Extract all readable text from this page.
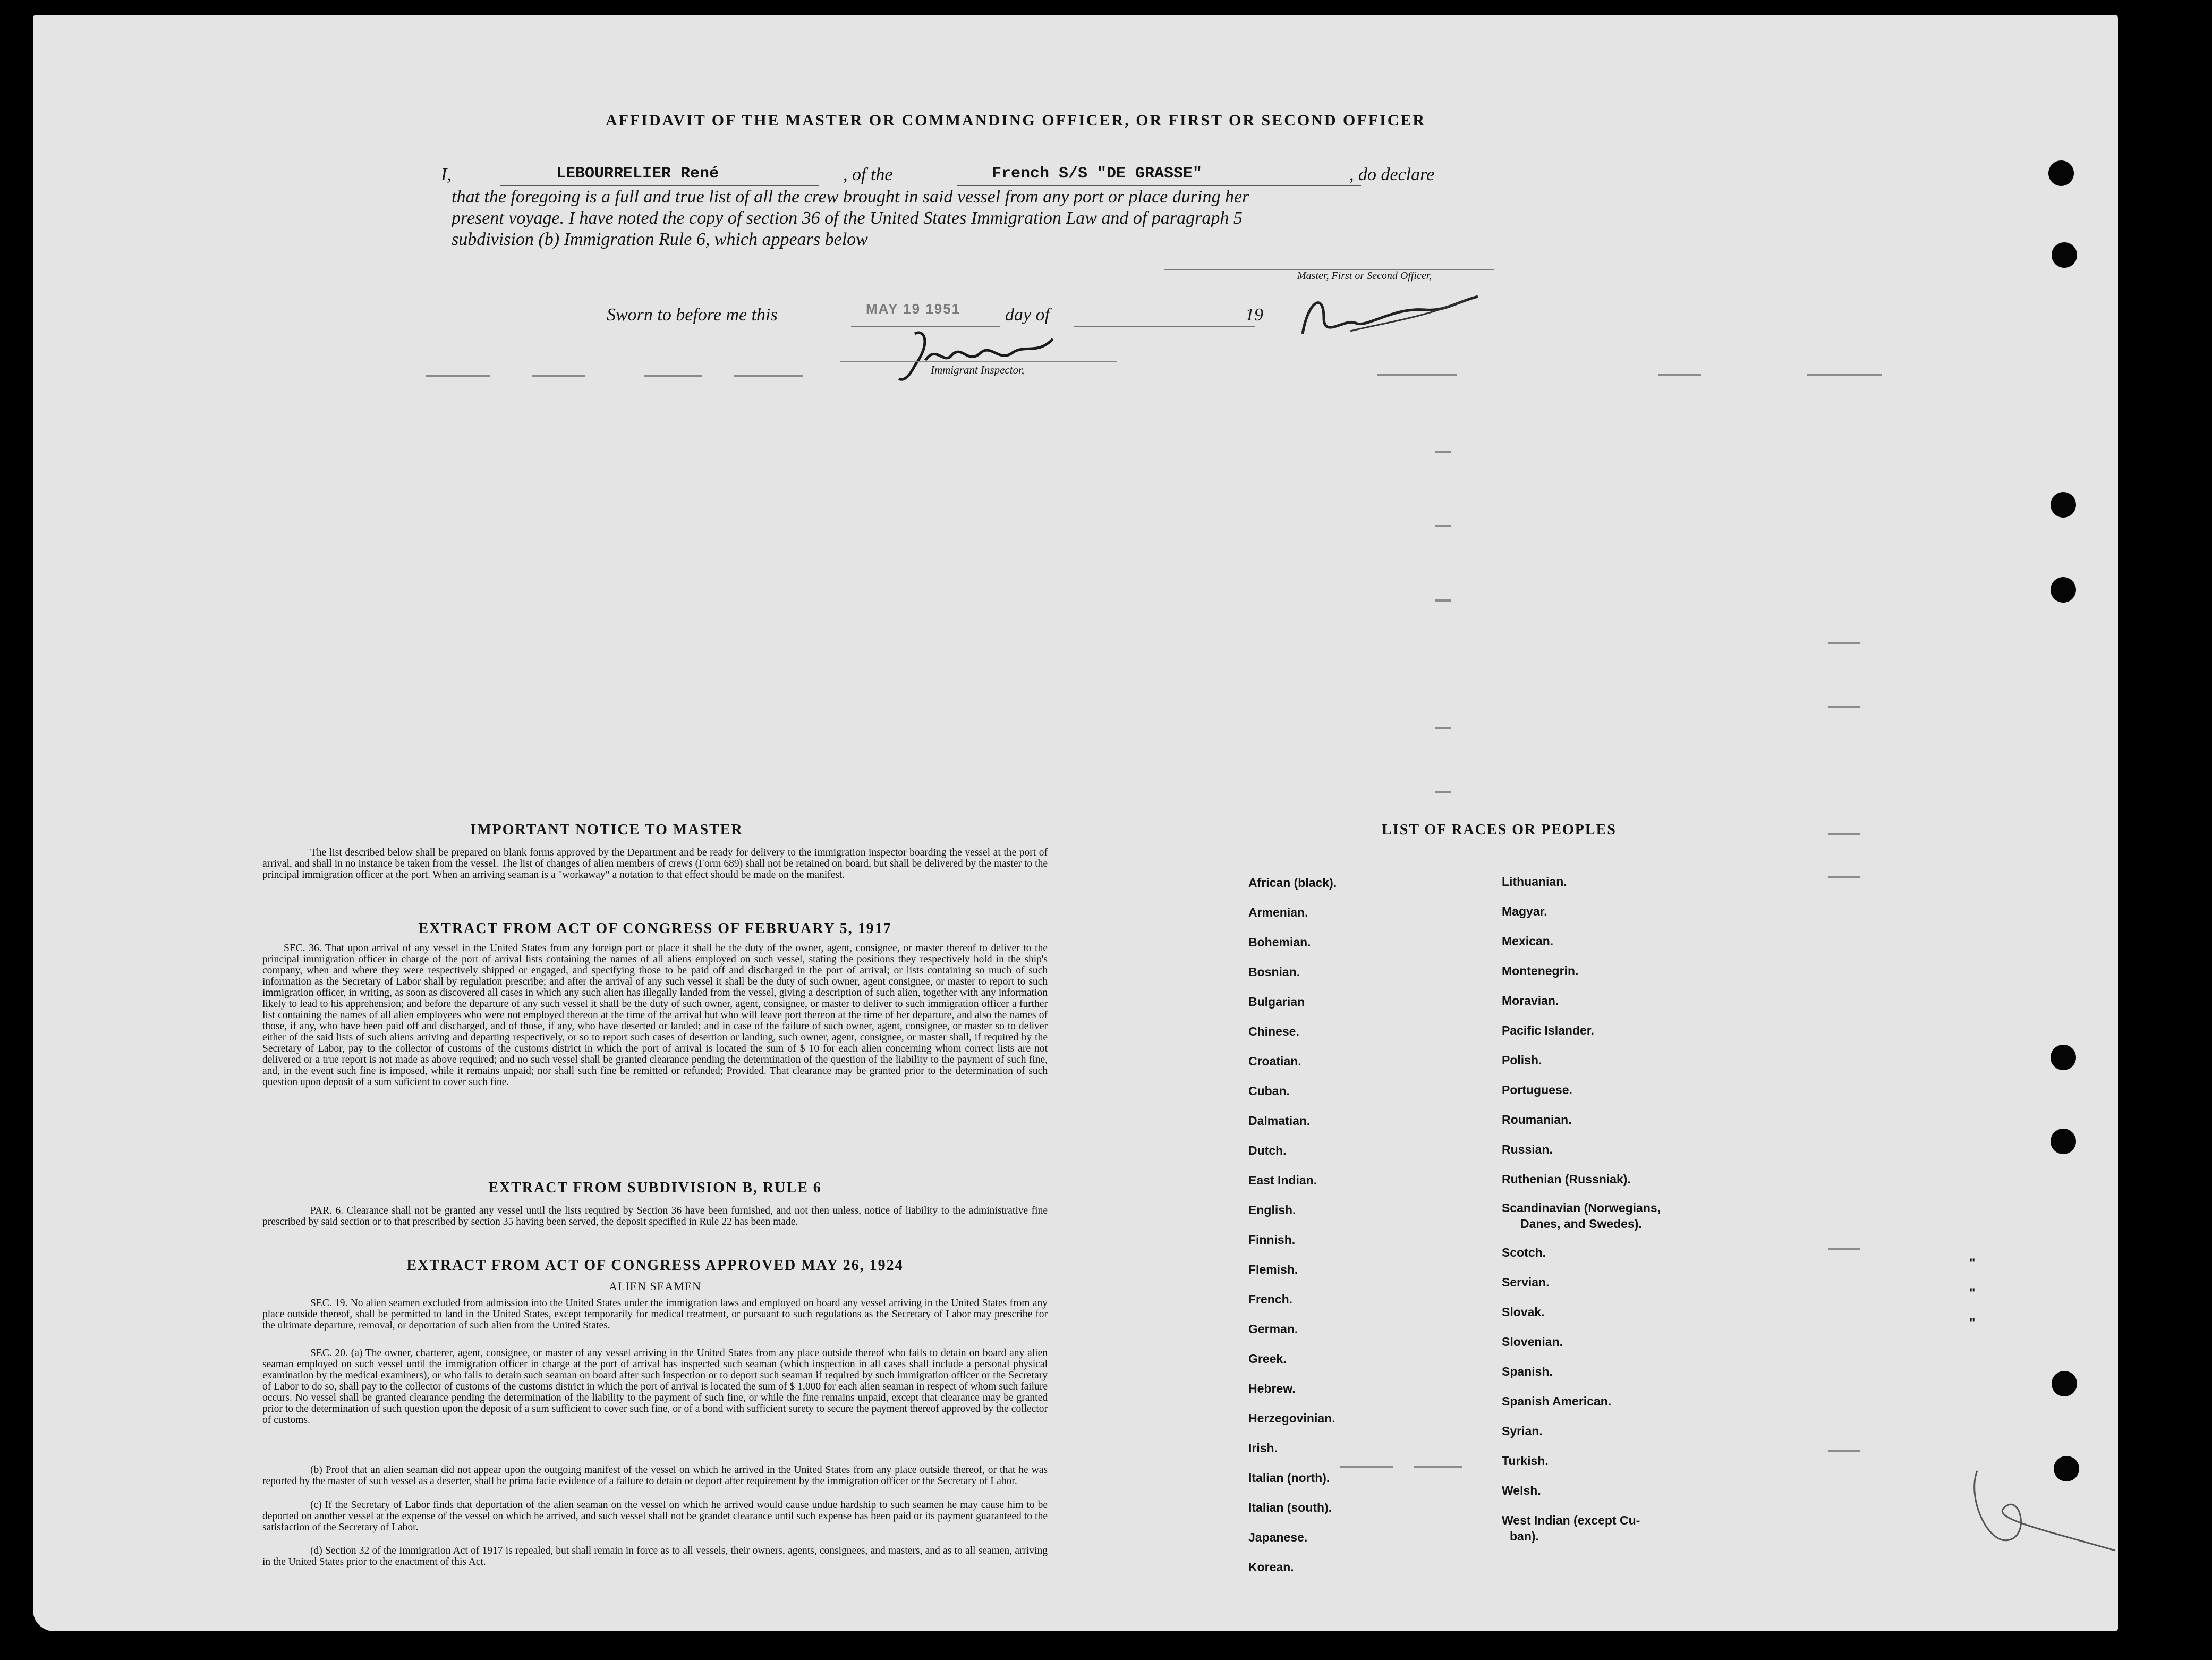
AFFIDAVIT OF THE MASTER OR COMMANDING OFFICER, OR FIRST OR SECOND OFFICER
I,	LEBOURRELIER René	, of the	French S/S "DE GRASSE"	, do declare
that the foregoing is a full and true list of all the crew brought in said vessel from any port or place during her
present voyage. I have noted the copy of section 36 of the United States Immigration Law and of paragraph 5
subdivision (b) Immigration Rule 6, which appears below
Master, First or Second Officer,
Sworn to before me this	MAY 19 1951 day of	19
Immigrant Inspector,
IMPORTANT NOTICE TO MASTER
The list described below shall be prepared on blank forms approved by the Department and be ready for delivery to the immigration inspector boarding the vessel at the port of arrival, and shall in no instance be taken from the vessel. The list of changes of alien members of crews (Form 689) shall not be retained on board, but shall be delivered by the master to the principal immigration officer at the port. When an arriving seaman is a "workaway" a notation to that effect should be made on the manifest.
EXTRACT FROM ACT OF CONGRESS OF FEBRUARY 5, 1917
SEC. 36. That upon arrival of any vessel in the United States from any foreign port or place it shall be the duty of the owner, agent, consignee, or master thereof to deliver to the principal immigration officer in charge of the port of arrival lists containing the names of all aliens employed on such vessel, stating the positions they respectively hold in the ship's company, when and where they were respectively shipped or engaged, and specifying those to be paid off and discharged in the port of arrival; or lists containing so much of such information as the Secretary of Labor shall by regulation prescribe; and after the arrival of any such vessel it shall be the duty of such owner, agent consignee, or master to report to such immigration officer, in writing, as soon as discovered all cases in which any such alien has illegally landed from the vessel, giving a description of such alien, together with any information likely to lead to his apprehension; and before the departure of any such vessel it shall be the duty of such owner, agent, consignee, or master to deliver to such immigration officer a further list containing the names of all alien employees who were not employed thereon at the time of the arrival but who will leave port thereon at the time of her departure, and also the names of those, if any, who have been paid off and discharged, and of those, if any, who have deserted or landed; and in case of the failure of such owner, agent, consignee, or master so to deliver either of the said lists of such aliens arriving and departing respectively, or so to report such cases of desertion or landing, such owner, agent, consignee, or master shall, if required by the Secretary of Labor, pay to the collector of customs of the customs district in which the port of arrival is located the sum of $ 10 for each alien concerning whom correct lists are not delivered or a true report is not made as above required; and no such vessel shall be granted clearance pending the determination of the question of the liability to the payment of such fine, and, in the event such fine is imposed, while it remains unpaid; nor shall such fine be remitted or refunded; Provided. That clearance may be granted prior to the determination of such question upon deposit of a sum suficient to cover such fine.
EXTRACT FROM SUBDIVISION B, RULE 6
PAR. 6. Clearance shall not be granted any vessel until the lists required by Section 36 have been furnished, and not then unless, notice of liability to the administrative fine prescribed by said section or to that prescribed by section 35 having been served, the deposit specified in Rule 22 has been made.
EXTRACT FROM ACT OF CONGRESS APPROVED MAY 26, 1924
ALIEN SEAMEN
SEC. 19. No alien seamen excluded from admission into the United States under the immigration laws and employed on board any vessel arriving in the United States from any place outside thereof, shall be permitted to land in the United States, except temporarily for medical treatment, or pursuant to such regulations as the Secretary of Labor may prescribe for the ultimate departure, removal, or deportation of such alien from the United States.
SEC. 20. (a) The owner, charterer, agent, consignee, or master of any vessel arriving in the United States from any place outside thereof who fails to detain on board any alien seaman employed on such vessel until the immigration officer in charge at the port of arrival has inspected such seaman (which inspection in all cases shall include a personal physical examination by the medical examiners), or who fails to detain such seaman on board after such inspection or to deport such seaman if required by such immigration officer or the Secretary of Labor to do so, shall pay to the collector of customs of the customs district in which the port of arrival is located the sum of $ 1,000 for each alien seaman in respect of whom such failure occurs. No vessel shall be granted clearance pending the determination of the liability to the payment of such fine, or while the fine remains unpaid, except that clearance may be granted prior to the determination of such question upon the deposit of a sum sufficient to cover such fine, or of a bond with sufficient surety to secure the payment thereof approved by the collector of customs.
(b) Proof that an alien seaman did not appear upon the outgoing manifest of the vessel on which he arrived in the United States from any place outside thereof, or that he was reported by the master of such vessel as a deserter, shall be prima facie evidence of a failure to detain or deport after requirement by the immigration officer or the Secretary of Labor.
(c) If the Secretary of Labor finds that deportation of the alien seaman on the vessel on which he arrived would cause undue hardship to such seamen he may cause him to be deported on another vessel at the expense of the vessel on which he arrived, and such vessel shall not be grandet clearance until such expense has been paid or its payment guaranteed to the satisfaction of the Secretary of Labor.
(d) Section 32 of the Immigration Act of 1917 is repealed, but shall remain in force as to all vessels, their owners, agents, consignees, and masters, and as to all seamen, arriving in the United States prior to the enactment of this Act.
LIST OF RACES OR PEOPLES
African (black).
Armenian.
Bohemian.
Bosnian.
Bulgarian
Chinese.
Croatian.
Cuban.
Dalmatian.
Dutch.
East Indian.
English.
Finnish.
Flemish.
French.
German.
Greek.
Hebrew.
Herzegovinian.
Irish.
Italian (north).
Italian (south).
Japanese.
Korean.
Lithuanian.
Magyar.
Mexican.
Montenegrin.
Moravian.
Pacific Islander.
Polish.
Portuguese.
Roumanian.
Russian.
Ruthenian (Russniak).
Scandinavian (Norwegians,
Danes, and Swedes).
Scotch.
Servian.
Slovak.
Slovenian.
Spanish.
Spanish American.
Syrian.
Turkish.
Welsh.
West Indian (except Cu-
ban).
"
"
"
